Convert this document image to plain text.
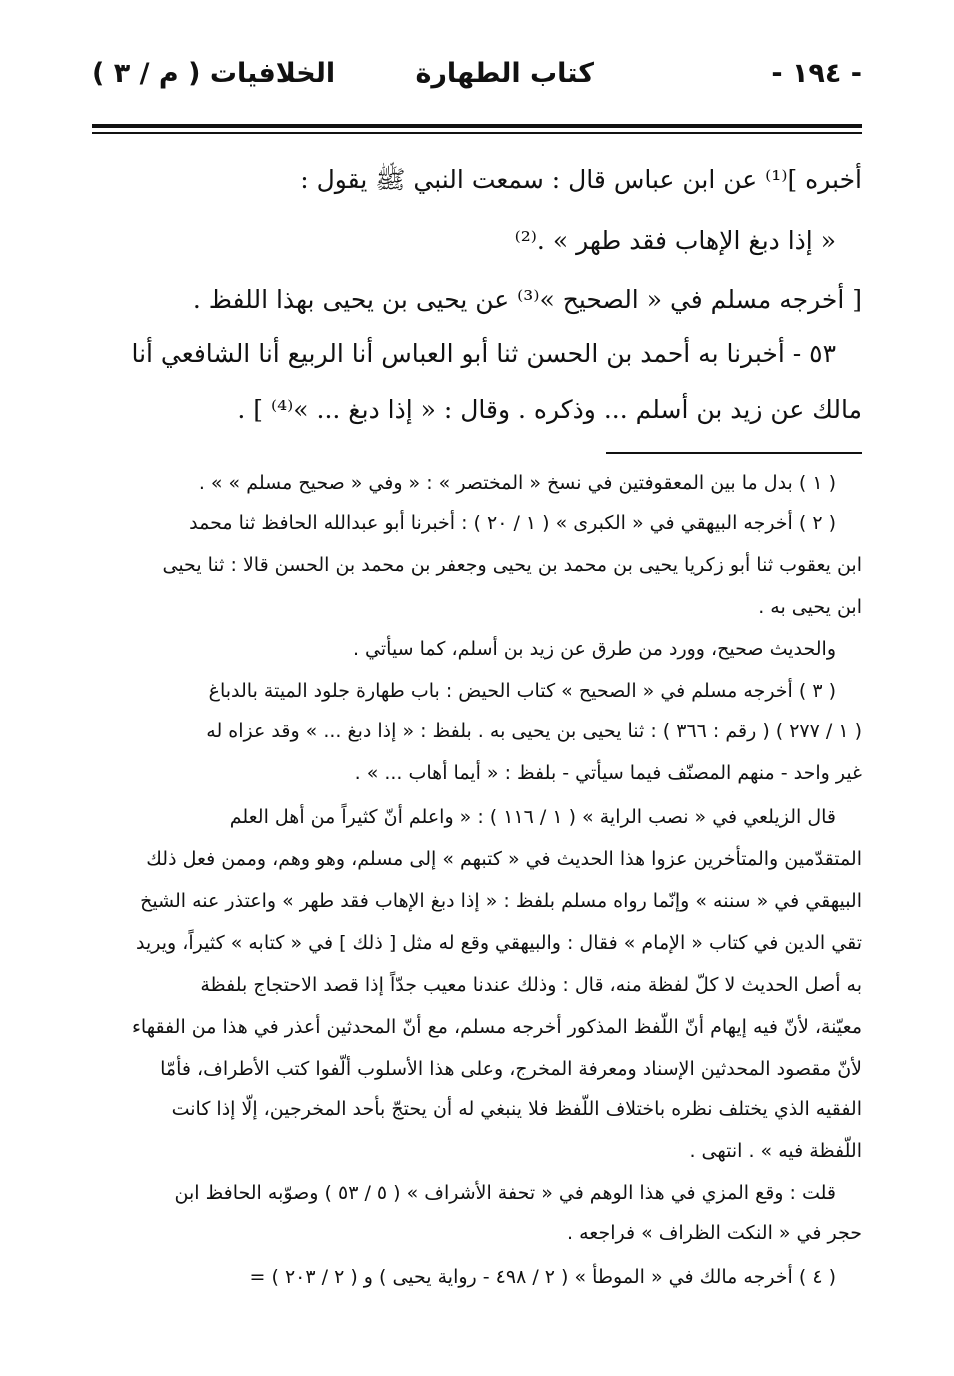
- ١٩٤ -
كتاب الطهارة
الخلافيات ( م / ٣ )
أخبره ]⁽¹⁾ عن ابن عباس قال : سمعت النبي ﷺ يقول :
« إذا دبغ الإهاب فقد طهر » .⁽²⁾
[ أخرجه مسلم في « الصحيح »⁽³⁾ عن يحيى بن يحيى بهذا اللفظ .
٥٣ - أخبرنا به أحمد بن الحسن ثنا أبو العباس أنا الربيع أنا الشافعي أنا
مالك عن زيد بن أسلم ... وذكره . وقال : « إذا دبغ ... »⁽⁴⁾ ] .
( ١ ) بدل ما بين المعقوفتين في نسخ « المختصر » : « وفي « صحيح مسلم » » .
( ٢ ) أخرجه البيهقي في « الكبرى » ( ١ / ٢٠ ) : أخبرنا أبو عبدالله الحافظ ثنا محمد
ابن يعقوب ثنا أبو زكريا يحيى بن محمد بن يحيى وجعفر بن محمد بن الحسن قالا : ثنا يحيى
ابن يحيى به .
والحديث صحيح، وورد من طرق عن زيد بن أسلم، كما سيأتي .
( ٣ ) أخرجه مسلم في « الصحيح » كتاب الحيض : باب طهارة جلود الميتة بالدباغ
( ١ / ٢٧٧ ) ( رقم : ٣٦٦ ) : ثنا يحيى بن يحيى به . بلفظ : « إذا دبغ ... » وقد عزاه له
غير واحد - منهم المصنّف فيما سيأتي - بلفظ : « أيما أهاب ... » .
قال الزيلعي في « نصب الراية » ( ١ / ١١٦ ) : « واعلم أنّ كثيراً من أهل العلم
المتقدّمين والمتأخرين عزوا هذا الحديث في « كتبهم » إلى مسلم، وهو وهم، وممن فعل ذلك
البيهقي في « سننه » وإنّما رواه مسلم بلفظ : « إذا دبغ الإهاب فقد طهر » واعتذر عنه الشيخ
تقي الدين في كتاب « الإمام » فقال : والبيهقي وقع له مثل [ ذلك ] في « كتابه » كثيراً، ويريد
به أصل الحديث لا كلّ لفظة منه، قال : وذلك عندنا معيب جدّاً إذا قصد الاحتجاج بلفظة
معيّنة، لأنّ فيه إيهام أنّ اللّفظ المذكور أخرجه مسلم، مع أنّ المحدثين أعذر في هذا من الفقهاء
لأنّ مقصود المحدثين الإسناد ومعرفة المخرج، وعلى هذا الأسلوب ألّفوا كتب الأطراف، فأمّا
الفقيه الذي يختلف نظره باختلاف اللّفظ فلا ينبغي له أن يحتجّ بأحد المخرجين، إلّا إذا كانت
اللّفظة فيه » . انتهى .
قلت : وقع المزي في هذا الوهم في « تحفة الأشراف » ( ٥ / ٥٣ ) وصوّبه الحافظ ابن
حجر في « النكت الظراف » فراجعه .
( ٤ ) أخرجه مالك في « الموطأ » ( ٢ / ٤٩٨ - رواية يحيى ) و ( ٢ / ٢٠٣ ) =
